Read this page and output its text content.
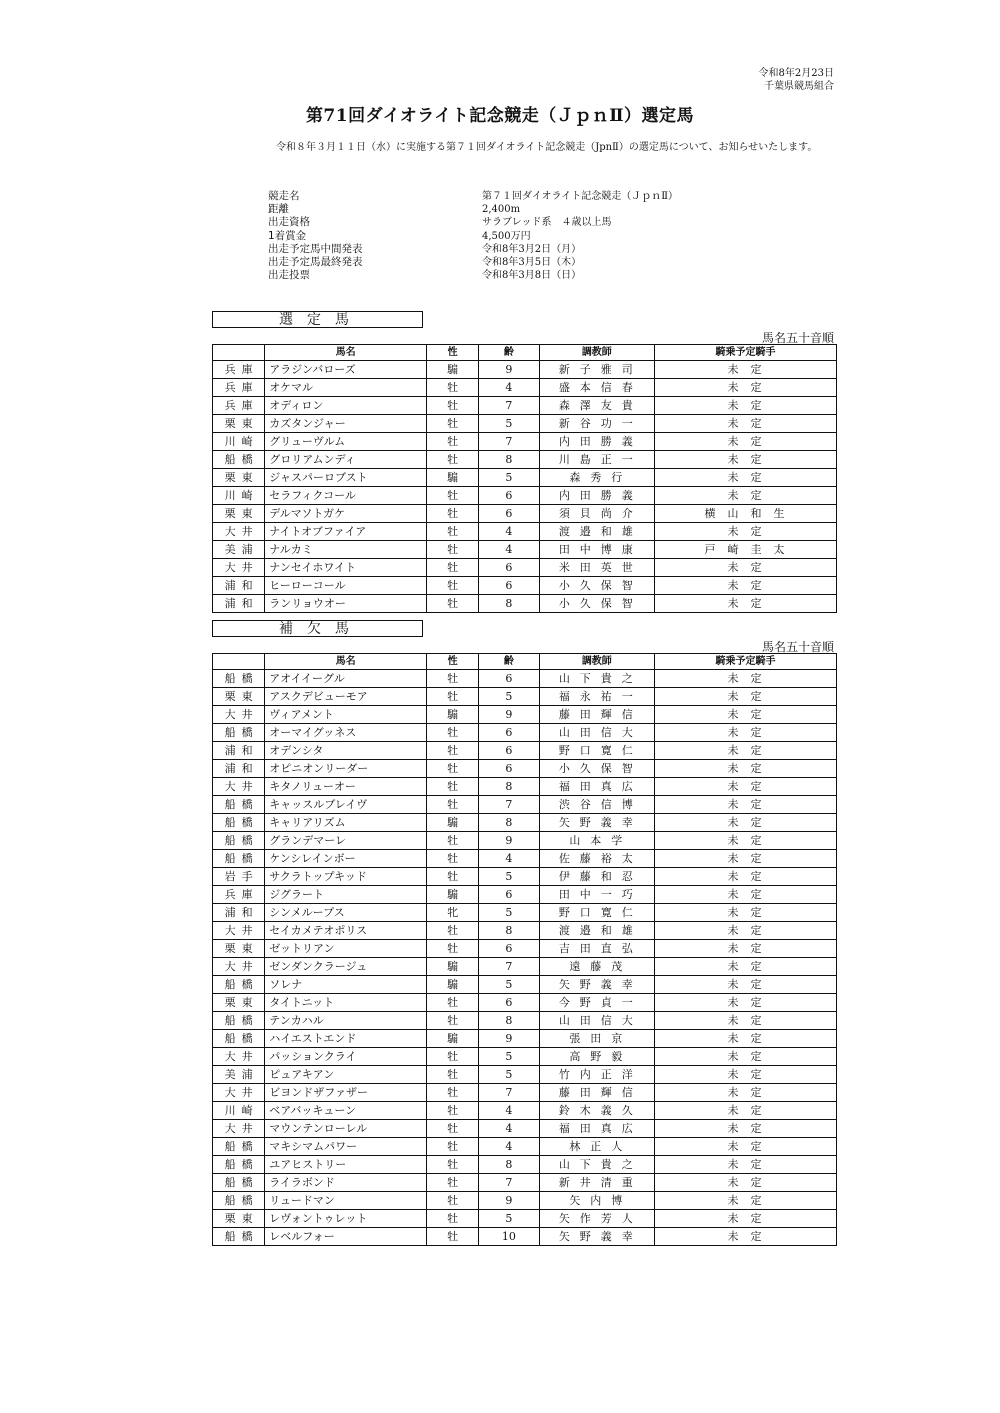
令和8年2月23日
千葉県競馬組合
第71回ダイオライト記念競走（ＪｐｎⅡ）選定馬
令和８年３月１１日（水）に実施する第７１回ダイオライト記念競走（JpnⅡ）の選定馬について、お知らせいたします。
競走名	第７１回ダイオライト記念競走（ＪｐｎⅡ）
距離	2,400m
出走資格	サラブレッド系　４歳以上馬
1着賞金	4,500万円
出走予定馬中間発表	令和8年3月2日（月）
出走予定馬最終発表	令和8年3月5日（木）
出走投票	令和8年3月8日（日）
選定馬
馬名五十音順
	馬名	性	齢	調教師	騎乗予定騎手
兵庫	アラジンバローズ	騸	9	新子雅司	未定
兵庫	オケマル	牡	4	盛本信春	未定
兵庫	オディロン	牡	7	森澤友貴	未定
栗東	カズタンジャー	牡	5	新谷功一	未定
川崎	グリューヴルム	牡	7	内田勝義	未定
船橋	グロリアムンディ	牡	8	川島正一	未定
栗東	ジャスパーロブスト	騸	5	森秀行	未定
川崎	セラフィクコール	牡	6	内田勝義	未定
栗東	デルマソトガケ	牡	6	須貝尚介	横山和生
大井	ナイトオブファイア	牡	4	渡邉和雄	未定
美浦	ナルカミ	牡	4	田中博康	戸崎圭太
大井	ナンセイホワイト	牡	6	米田英世	未定
浦和	ヒーローコール	牡	6	小久保智	未定
浦和	ランリョウオー	牡	8	小久保智	未定
補欠馬
馬名五十音順
	馬名	性	齢	調教師	騎乗予定騎手
船橋	アオイイーグル	牡	6	山下貴之	未定
栗東	アスクデビューモア	牡	5	福永祐一	未定
大井	ヴィアメント	騸	9	藤田輝信	未定
船橋	オーマイグッネス	牡	6	山田信大	未定
浦和	オデンシタ	牡	6	野口寛仁	未定
浦和	オピニオンリーダー	牡	6	小久保智	未定
大井	キタノリューオー	牡	8	福田真広	未定
船橋	キャッスルブレイヴ	牡	7	渋谷信博	未定
船橋	キャリアリズム	騸	8	矢野義幸	未定
船橋	グランデマーレ	牡	9	山本学	未定
船橋	ケンシレインボー	牡	4	佐藤裕太	未定
岩手	サクラトップキッド	牡	5	伊藤和忍	未定
兵庫	ジグラート	騸	6	田中一巧	未定
浦和	シンメループス	牝	5	野口寛仁	未定
大井	セイカメテオポリス	牡	8	渡邉和雄	未定
栗東	ゼットリアン	牡	6	吉田直弘	未定
大井	ゼンダンクラージュ	騸	7	遠藤茂	未定
船橋	ソレナ	騸	5	矢野義幸	未定
栗東	タイトニット	牡	6	今野貞一	未定
船橋	テンカハル	牡	8	山田信大	未定
船橋	ハイエストエンド	騸	9	張田京	未定
大井	パッションクライ	牡	5	高野毅	未定
美浦	ピュアキアン	牡	5	竹内正洋	未定
大井	ビヨンドザファザー	牡	7	藤田輝信	未定
川崎	ベアバッキューン	牡	4	鈴木義久	未定
大井	マウンテンローレル	牡	4	福田真広	未定
船橋	マキシマムパワー	牡	4	林正人	未定
船橋	ユアヒストリー	牡	8	山下貴之	未定
船橋	ライラボンド	牡	7	新井清重	未定
船橋	リュードマン	牡	9	矢内博	未定
栗東	レヴォントゥレット	牡	5	矢作芳人	未定
船橋	レベルフォー	牡	10	矢野義幸	未定
